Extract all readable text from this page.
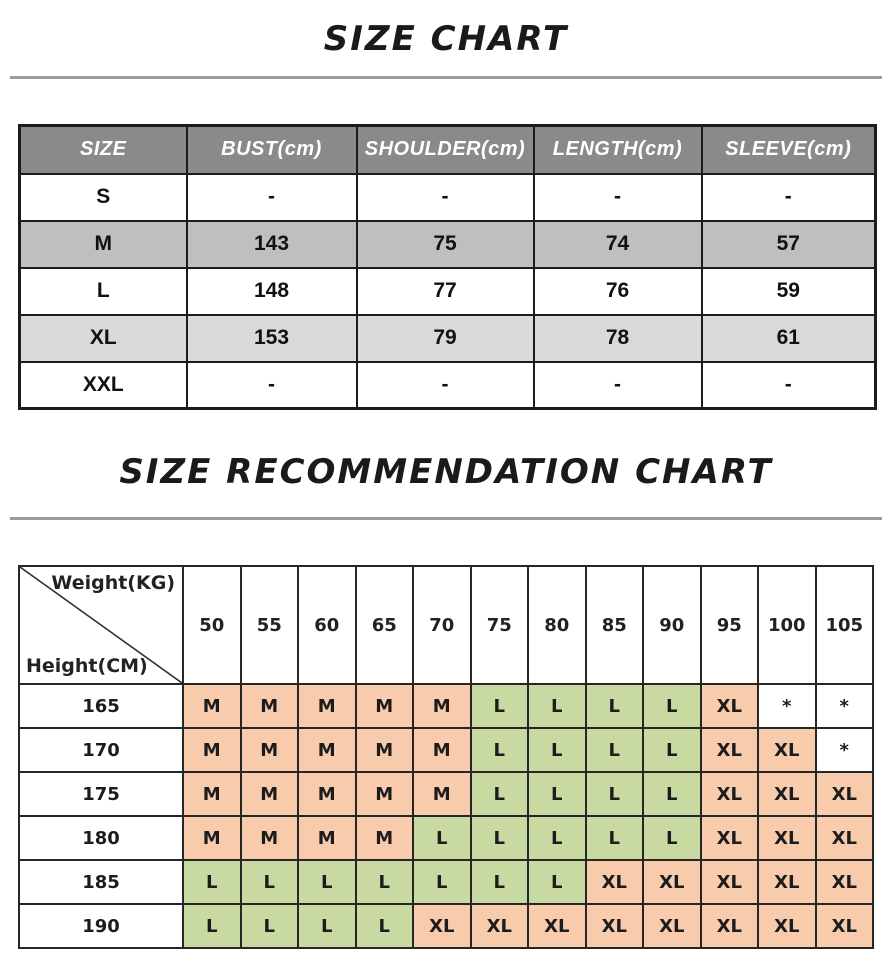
SIZE CHART
SIZE	BUST(cm)	SHOULDER(cm)	LENGTH(cm)	SLEEVE(cm)
S	-	-	-	-
M	143	75	74	57
L	148	77	76	59
XL	153	79	78	61
XXL	-	-	-	-
SIZE RECOMMENDATION CHART
Weight(KG)
Height(CM)	50	55	60	65	70	75	80	85	90	95	100	105
165	M	M	M	M	M	L	L	L	L	XL	*	*
170	M	M	M	M	M	L	L	L	L	XL	XL	*
175	M	M	M	M	M	L	L	L	L	XL	XL	XL
180	M	M	M	M	L	L	L	L	L	XL	XL	XL
185	L	L	L	L	L	L	L	XL	XL	XL	XL	XL
190	L	L	L	L	XL	XL	XL	XL	XL	XL	XL	XL
